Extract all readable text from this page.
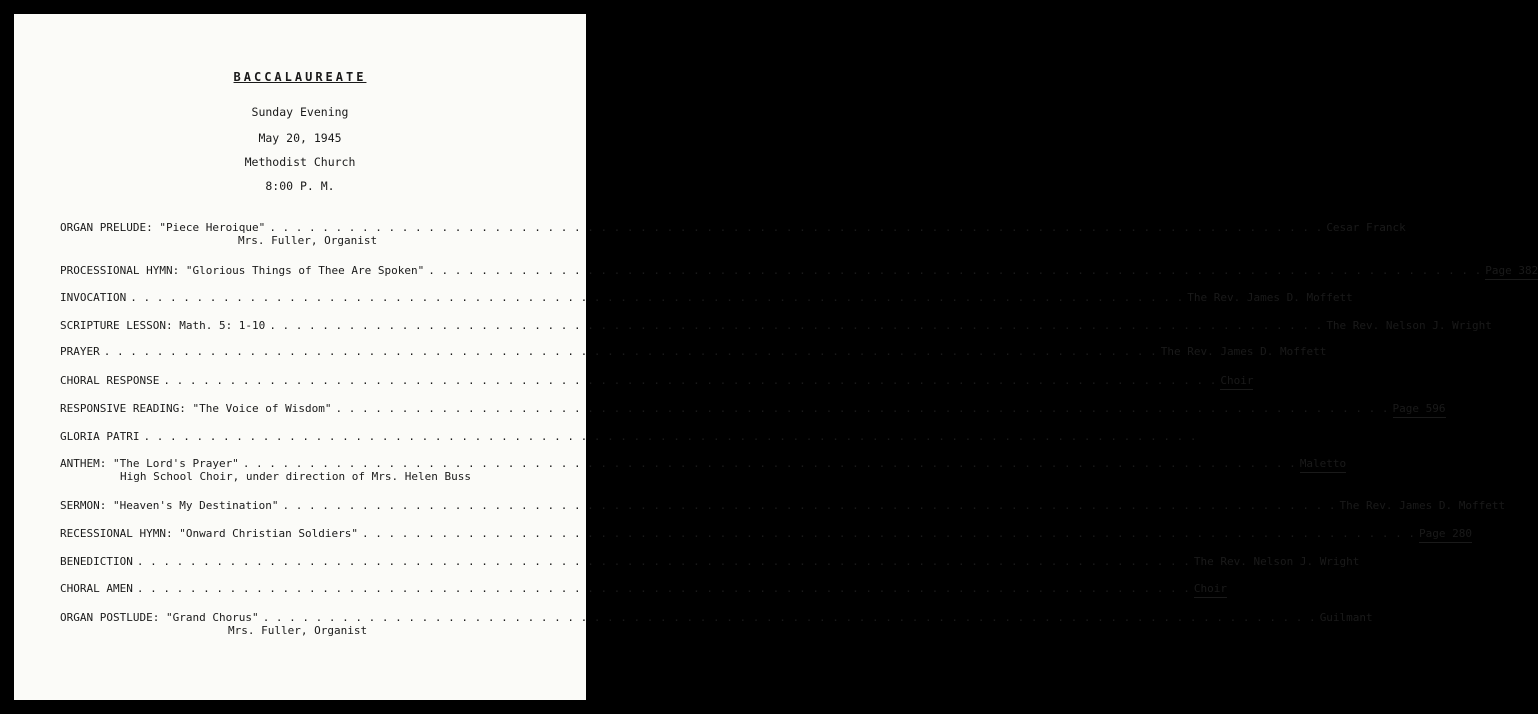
BACCALAUREATE
Sunday Evening
May 20, 1945
Methodist Church
8:00 P. M.
ORGAN PRELUDE: "Piece Heroique" . . . . . . . . . . . . . . . . . . . . . . . . . . . . . . . . . . . . . . . . . . . . . . . . . . . . . . . . . . . . . . . . . . . . . . . . . . . . . . . . Cesar Franck
PROCESSIONAL HYMN: "Glorious Things of Thee Are Spoken" . . . . . . . . . . . . . . . . . . . . . . . . . . . . . . . . . . . . . . . . . . . . . . . . . . . . . . . . . . . . . . . . . . . . . . . . . . . . . . . . Page 382
INVOCATION . . . . . . . . . . . . . . . . . . . . . . . . . . . . . . . . . . . . . . . . . . . . . . . . . . . . . . . . . . . . . . . . . . . . . . . . . . . . . . . . The Rev. James D. Moffett
SCRIPTURE LESSON: Math. 5: 1-10 . . . . . . . . . . . . . . . . . . . . . . . . . . . . . . . . . . . . . . . . . . . . . . . . . . . . . . . . . . . . . . . . . . . . . . . . . . . . . . . . The Rev. Nelson J. Wright
PRAYER . . . . . . . . . . . . . . . . . . . . . . . . . . . . . . . . . . . . . . . . . . . . . . . . . . . . . . . . . . . . . . . . . . . . . . . . . . . . . . . . The Rev. James D. Moffett
CHORAL RESPONSE . . . . . . . . . . . . . . . . . . . . . . . . . . . . . . . . . . . . . . . . . . . . . . . . . . . . . . . . . . . . . . . . . . . . . . . . . . . . . . . . Choir
RESPONSIVE READING: "The Voice of Wisdom" . . . . . . . . . . . . . . . . . . . . . . . . . . . . . . . . . . . . . . . . . . . . . . . . . . . . . . . . . . . . . . . . . . . . . . . . . . . . . . . . Page 596
GLORIA PATRI . . . . . . . . . . . . . . . . . . . . . . . . . . . . . . . . . . . . . . . . . . . . . . . . . . . . . . . . . . . . . . . . . . . . . . . . . . . . . . . .
ANTHEM: "The Lord's Prayer" . . . . . . . . . . . . . . . . . . . . . . . . . . . . . . . . . . . . . . . . . . . . . . . . . . . . . . . . . . . . . . . . . . . . . . . . . . . . . . . . Maletto
SERMON: "Heaven's My Destination" . . . . . . . . . . . . . . . . . . . . . . . . . . . . . . . . . . . . . . . . . . . . . . . . . . . . . . . . . . . . . . . . . . . . . . . . . . . . . . . . The Rev. James D. Moffett
RECESSIONAL HYMN: "Onward Christian Soldiers" . . . . . . . . . . . . . . . . . . . . . . . . . . . . . . . . . . . . . . . . . . . . . . . . . . . . . . . . . . . . . . . . . . . . . . . . . . . . . . . . Page 280
BENEDICTION . . . . . . . . . . . . . . . . . . . . . . . . . . . . . . . . . . . . . . . . . . . . . . . . . . . . . . . . . . . . . . . . . . . . . . . . . . . . . . . . The Rev. Nelson J. Wright
CHORAL AMEN . . . . . . . . . . . . . . . . . . . . . . . . . . . . . . . . . . . . . . . . . . . . . . . . . . . . . . . . . . . . . . . . . . . . . . . . . . . . . . . . Choir
ORGAN POSTLUDE: "Grand Chorus" . . . . . . . . . . . . . . . . . . . . . . . . . . . . . . . . . . . . . . . . . . . . . . . . . . . . . . . . . . . . . . . . . . . . . . . . . . . . . . . . Guilmant
Mrs. Fuller, Organist
High School Choir, under direction of Mrs. Helen Buss
Mrs. Fuller, Organist
